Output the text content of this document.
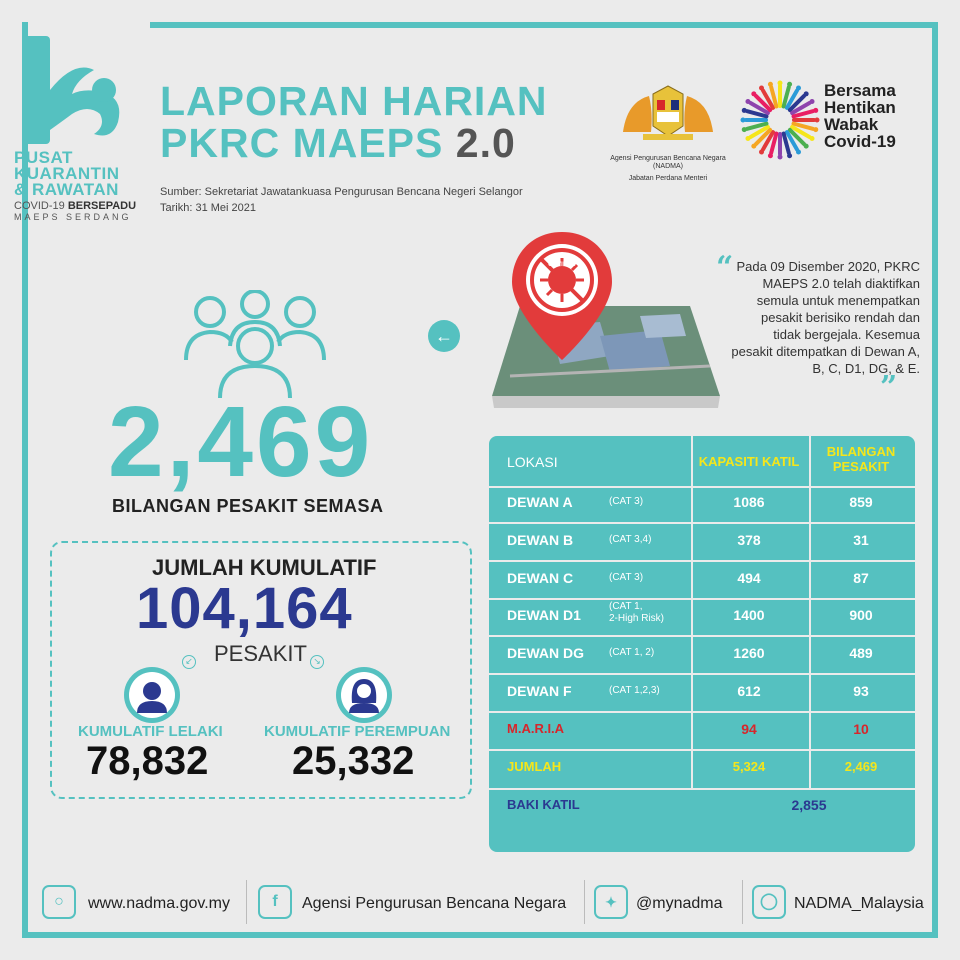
PUSAT
KUARANTIN
& RAWATAN
COVID-19 BERSEPADU
MAEPS SERDANG
LAPORAN HARIAN
PKRC MAEPS 2.0
Sumber: Sekretariat Jawatankuasa Pengurusan Bencana Negeri Selangor
Tarikh: 31 Mei 2021
Agensi Pengurusan Bencana Negara (NADMA)
Jabatan Perdana Menteri
Bersama
Hentikan
Wabak
Covid-19
COVID-19
←
“ Pada 09 Disember 2020, PKRC MAEPS 2.0 telah diaktifkan semula untuk menempatkan pesakit berisiko rendah dan tidak bergejala. Kesemua pesakit ditempatkan di Dewan A, B, C, D1, DG, & E.
”
2,469
BILANGAN PESAKIT SEMASA
JUMLAH KUMULATIF
104,164
PESAKIT
↙	↘
KUMULATIF LELAKI
78,832
KUMULATIF PEREMPUAN
25,332
LOKASI	KAPASITI KATIL
BILANGAN
PESAKIT
DEWAN A	(CAT 3)	1086	859
DEWAN B	(CAT 3,4)	378	31
DEWAN C	(CAT 3)	494	87
DEWAN D1
(CAT 1,
2-High Risk)	1400	900
DEWAN DG	(CAT 1, 2)	1260	489
DEWAN F	(CAT 1,2,3)	612	93
M.A.R.I.A	94	10
JUMLAH	5,324	2,469
BAKI KATIL	2,855
○	www.nadma.gov.my	f	Agensi Pengurusan Bencana Negara	✦	@mynadma	◯	NADMA_Malaysia
